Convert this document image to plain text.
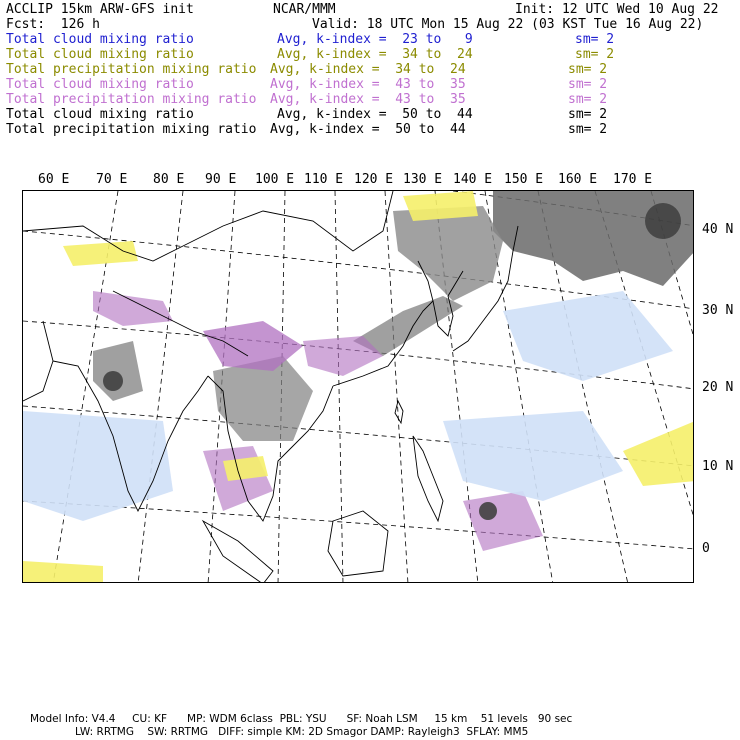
ACCLIP 15km ARW-GFS init	NCAR/MMM	Init: 12 UTC Wed 10 Aug 22
Fcst:  126 h	Valid: 18 UTC Mon 15 Aug 22 (03 KST Tue 16 Aug 22)
Total cloud mixing ratio	Avg, k-index =  23 to   9	sm= 2
Total cloud mixing ratio	Avg, k-index =  34 to  24	sm= 2
Total precipitation mixing ratio Avg, k-index =  34 to  24	sm= 2
Total cloud mixing ratio	Avg, k-index =  43 to  35	sm= 2
Total precipitation mixing ratio Avg, k-index =  43 to  35	sm= 2
Total cloud mixing ratio	Avg, k-index =  50 to  44	sm= 2
Total precipitation mixing ratio Avg, k-index =  50 to  44	sm= 2
60 E 70 E 80 E 90 E 100 E 110 E 120 E 130 E 140 E 150 E 160 E 170 E
40 N
30 N
20 N
10 N
0
Model Info: V4.4     CU: KF      MP: WDM 6class  PBL: YSU      SF: Noah LSM     15 km    51 levels   90 sec
LW: RRTMG    SW: RRTMG   DIFF: simple KM: 2D Smagor DAMP: Rayleigh3  SFLAY: MM5
